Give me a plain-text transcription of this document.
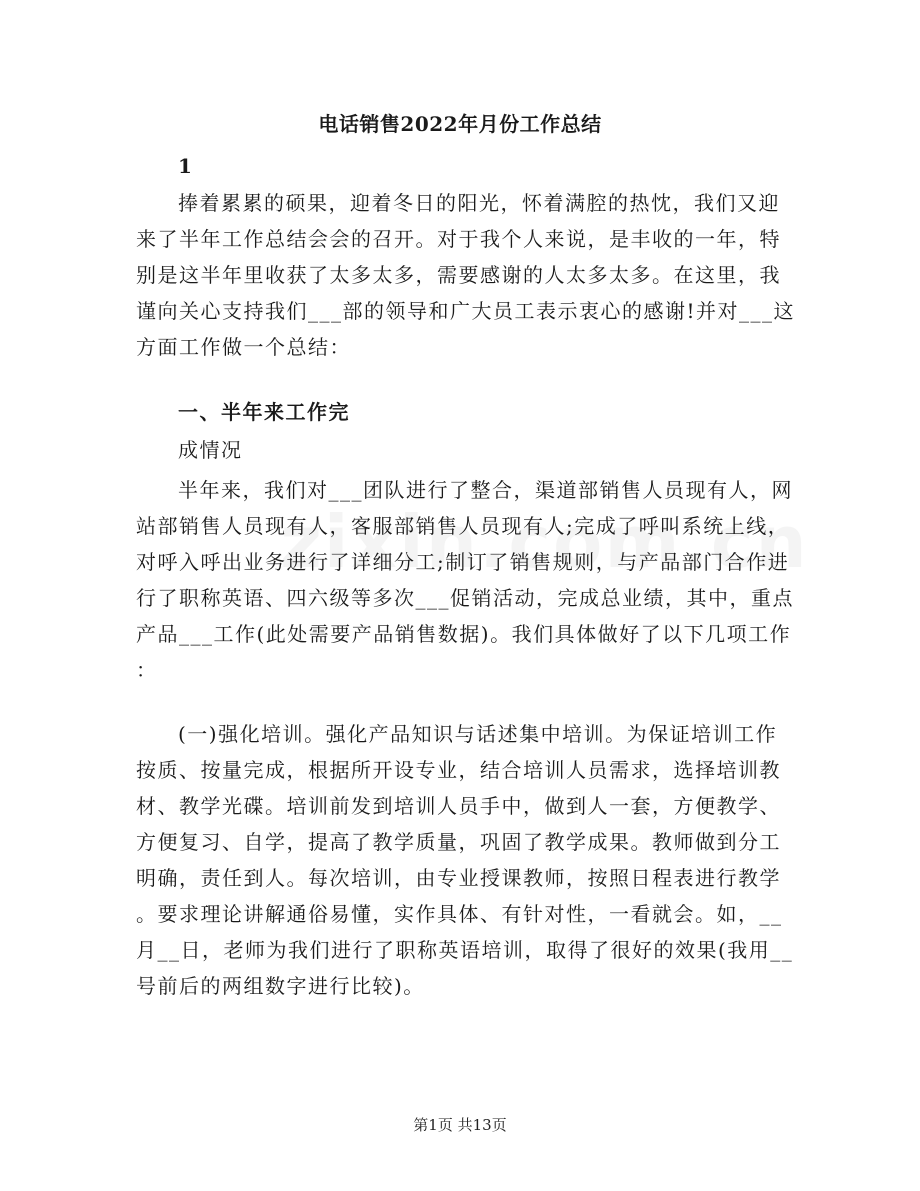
电话销售2022年月份工作总结
1
捧着累累的硕果，迎着冬日的阳光，怀着满腔的热忱，我们又迎
来了半年工作总结会会的召开。对于我个人来说，是丰收的一年，特
别是这半年里收获了太多太多，需要感谢的人太多太多。在这里，我
谨向关心支持我们___部的领导和广大员工表示衷心的感谢!并对___这
方面工作做一个总结：
一、半年来工作完
成情况
半年来，我们对___团队进行了整合，渠道部销售人员现有人，网
站部销售人员现有人，客服部销售人员现有人;完成了呼叫系统上线，
对呼入呼出业务进行了详细分工;制订了销售规则，与产品部门合作进
行了职称英语、四六级等多次___促销活动，完成总业绩，其中，重点
产品___工作(此处需要产品销售数据)。我们具体做好了以下几项工作
：
(一)强化培训。强化产品知识与话述集中培训。为保证培训工作
按质、按量完成，根据所开设专业，结合培训人员需求，选择培训教
材、教学光碟。培训前发到培训人员手中，做到人一套，方便教学、
方便复习、自学，提高了教学质量，巩固了教学成果。教师做到分工
明确，责任到人。每次培训，由专业授课教师，按照日程表进行教学
。要求理论讲解通俗易懂，实作具体、有针对性，一看就会。如，__
月__日，老师为我们进行了职称英语培训，取得了很好的效果(我用__
号前后的两组数字进行比较)。
第1页 共13页
